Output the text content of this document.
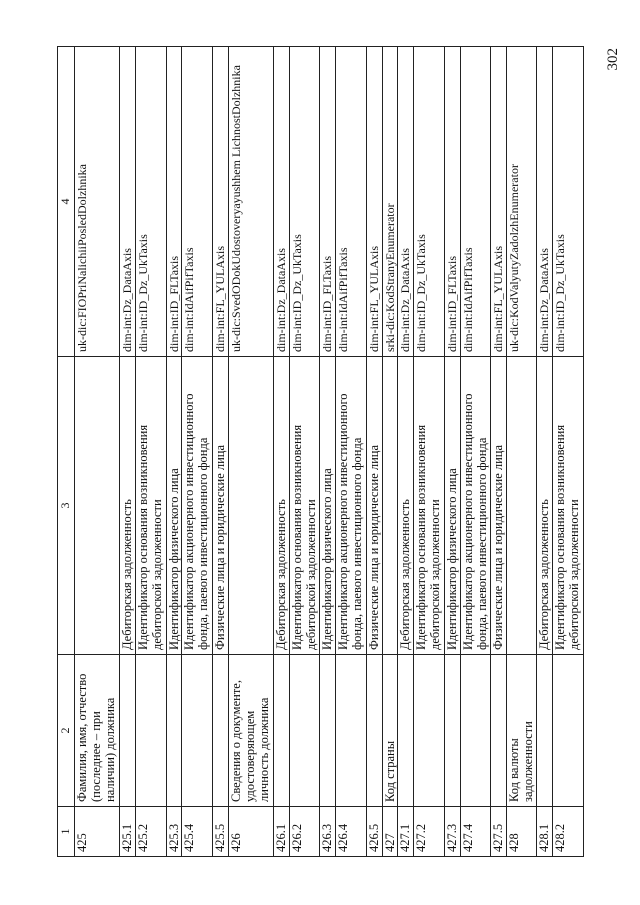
302
1	2	3	4
425	Фамилия, имя, отчество (последнее – при наличии) должника		uk-dic:FIOPriNalichiiPosledDolzhnika
425.1		Дебиторская задолженность	dim-int:Dz_DataAxis
425.2		Идентификатор основания возникновения дебиторской задолженности	dim-int:ID_Dz_UkTaxis
425.3		Идентификатор физического лица	dim-int:ID_FLTaxis
425.4		Идентификатор акционерного инвестиционного фонда, паевого инвестиционного фонда	dim-int:IdAifPifTaxis
425.5		Физические лица и юридические лица	dim-int:FL_YULAxis
426	Сведения о документе, удостоверяющем личность должника		uk-dic:SvedODokUdostoveryayushhem LichnostDolzhnika
426.1		Дебиторская задолженность	dim-int:Dz_DataAxis
426.2		Идентификатор основания возникновения дебиторской задолженности	dim-int:ID_Dz_UkTaxis
426.3		Идентификатор физического лица	dim-int:ID_FLTaxis
426.4		Идентификатор акционерного инвестиционного фонда, паевого инвестиционного фонда	dim-int:IdAifPifTaxis
426.5		Физические лица и юридические лица	dim-int:FL_YULAxis
427	Код страны		srki-dic:KodStranyEnumerator
427.1		Дебиторская задолженность	dim-int:Dz_DataAxis
427.2		Идентификатор основания возникновения дебиторской задолженности	dim-int:ID_Dz_UkTaxis
427.3		Идентификатор физического лица	dim-int:ID_FLTaxis
427.4		Идентификатор акционерного инвестиционного фонда, паевого инвестиционного фонда	dim-int:IdAifPifTaxis
427.5		Физические лица и юридические лица	dim-int:FL_YULAxis
428	Код валюты задолженности		uk-dic:KodValyutyZadolzhEnumerator
428.1		Дебиторская задолженность	dim-int:Dz_DataAxis
428.2		Идентификатор основания возникновения дебиторской задолженности	dim-int:ID_Dz_UkTaxis
